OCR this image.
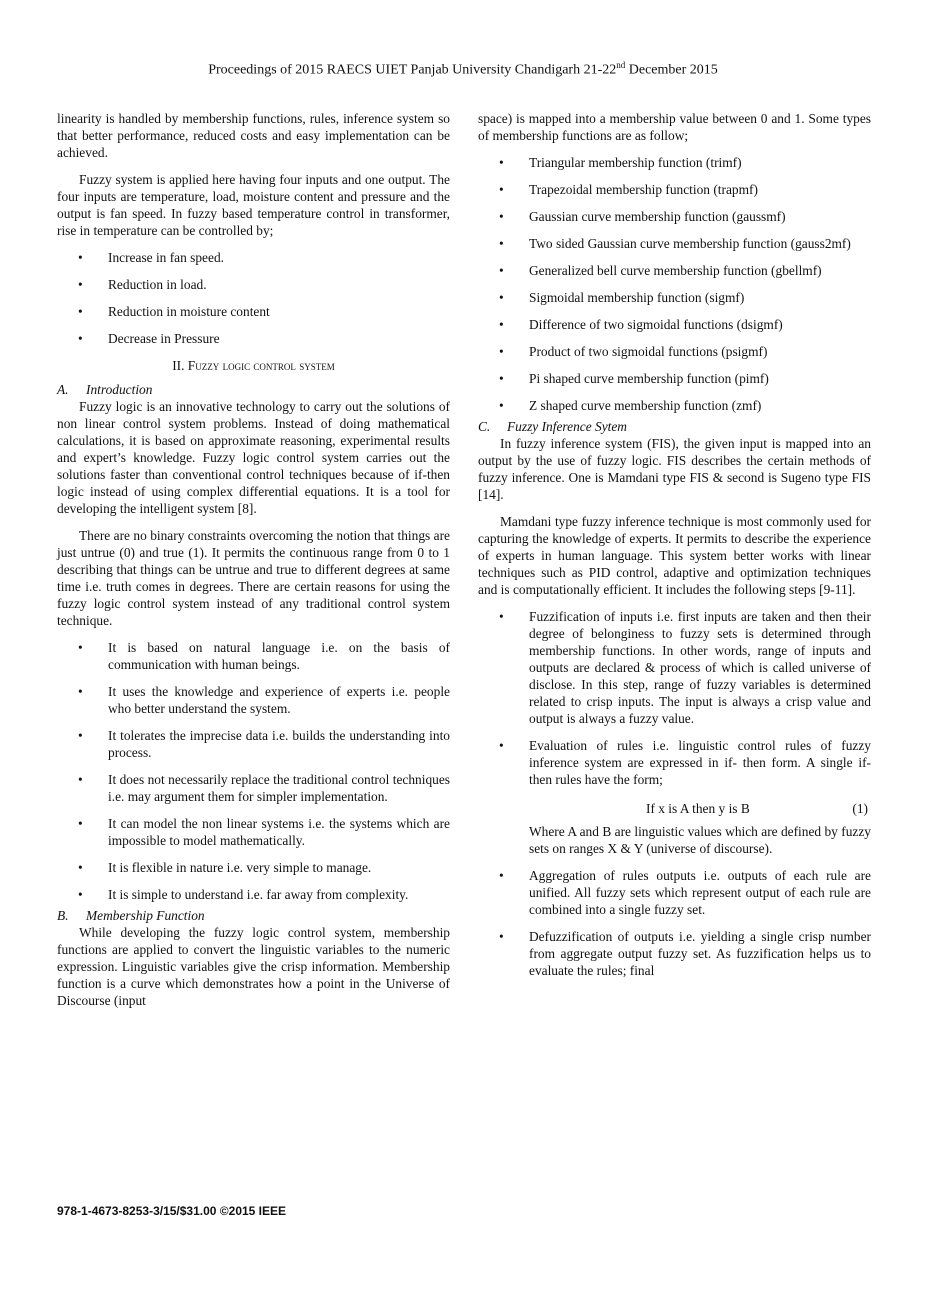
Proceedings of 2015 RAECS UIET Panjab University Chandigarh 21-22nd December 2015

linearity is handled by membership functions, rules, inference system so that better performance, reduced costs and easy implementation can be achieved.

Fuzzy system is applied here having four inputs and one output. The four inputs are temperature, load, moisture content and pressure and the output is fan speed. In fuzzy based temperature control in transformer, rise in temperature can be controlled by;

• Increase in fan speed.
• Reduction in load.
• Reduction in moisture content
• Decrease in Pressure
II. Fuzzy logic control system
A. Introduction

Fuzzy logic is an innovative technology to carry out the solutions of non linear control system problems. Instead of doing mathematical calculations, it is based on approximate reasoning, experimental results and expert’s knowledge. Fuzzy logic control system carries out the solutions faster than conventional control techniques because of if-then logic instead of using complex differential equations. It is a tool for developing the intelligent system [8].

There are no binary constraints overcoming the notion that things are just untrue (0) and true (1). It permits the continuous range from 0 to 1 describing that things can be untrue and true to different degrees at same time i.e. truth comes in degrees. There are certain reasons for using the fuzzy logic control system instead of any traditional control system technique.

• It is based on natural language i.e. on the basis of communication with human beings.
• It uses the knowledge and experience of experts i.e. people who better understand the system.
• It tolerates the imprecise data i.e. builds the understanding into process.
• It does not necessarily replace the traditional control techniques i.e. may argument them for simpler implementation.
• It can model the non linear systems i.e. the systems which are impossible to model mathematically.
• It is flexible in nature i.e. very simple to manage.
• It is simple to understand i.e. far away from complexity.
B. Membership Function

While developing the fuzzy logic control system, membership functions are applied to convert the linguistic variables to the numeric expression. Linguistic variables give the crisp information. Membership function is a curve which demonstrates how a point in the Universe of Discourse (input

space) is mapped into a membership value between 0 and 1. Some types of membership functions are as follow;

• Triangular membership function (trimf)
• Trapezoidal membership function (trapmf)
• Gaussian curve membership function (gaussmf)
• Two sided Gaussian curve membership function (gauss2mf)
• Generalized bell curve membership function (gbellmf)
• Sigmoidal membership function (sigmf)
• Difference of two sigmoidal functions (dsigmf)
• Product of two sigmoidal functions (psigmf)
• Pi shaped curve membership function (pimf)
• Z shaped curve membership function (zmf)
C. Fuzzy Inference Sytem

In fuzzy inference system (FIS), the given input is mapped into an output by the use of fuzzy logic. FIS describes the certain methods of fuzzy inference. One is Mamdani type FIS & second is Sugeno type FIS [14].

Mamdani type fuzzy inference technique is most commonly used for capturing the knowledge of experts. It permits to describe the experience of experts in human language. This system better works with linear techniques such as PID control, adaptive and optimization techniques and is computationally efficient. It includes the following steps [9-11].

• Fuzzification of inputs i.e. first inputs are taken and then their degree of belonginess to fuzzy sets is determined through membership functions. In other words, range of inputs and outputs are declared & process of which is called universe of disclose. In this step, range of fuzzy variables is determined related to crisp inputs. The input is always a crisp value and output is always a fuzzy value.
• Evaluation of rules i.e. linguistic control rules of fuzzy inference system are expressed in if- then form. A single if- then rules have the form;
If x is A then y is B	(1)
Where A and B are linguistic values which are defined by fuzzy sets on ranges X & Y (universe of discourse).
• Aggregation of rules outputs i.e. outputs of each rule are unified. All fuzzy sets which represent output of each rule are combined into a single fuzzy set.
• Defuzzification of outputs i.e. yielding a single crisp number from aggregate output fuzzy set. As fuzzification helps us to evaluate the rules; final
978-1-4673-8253-3/15/$31.00 ©2015 IEEE
